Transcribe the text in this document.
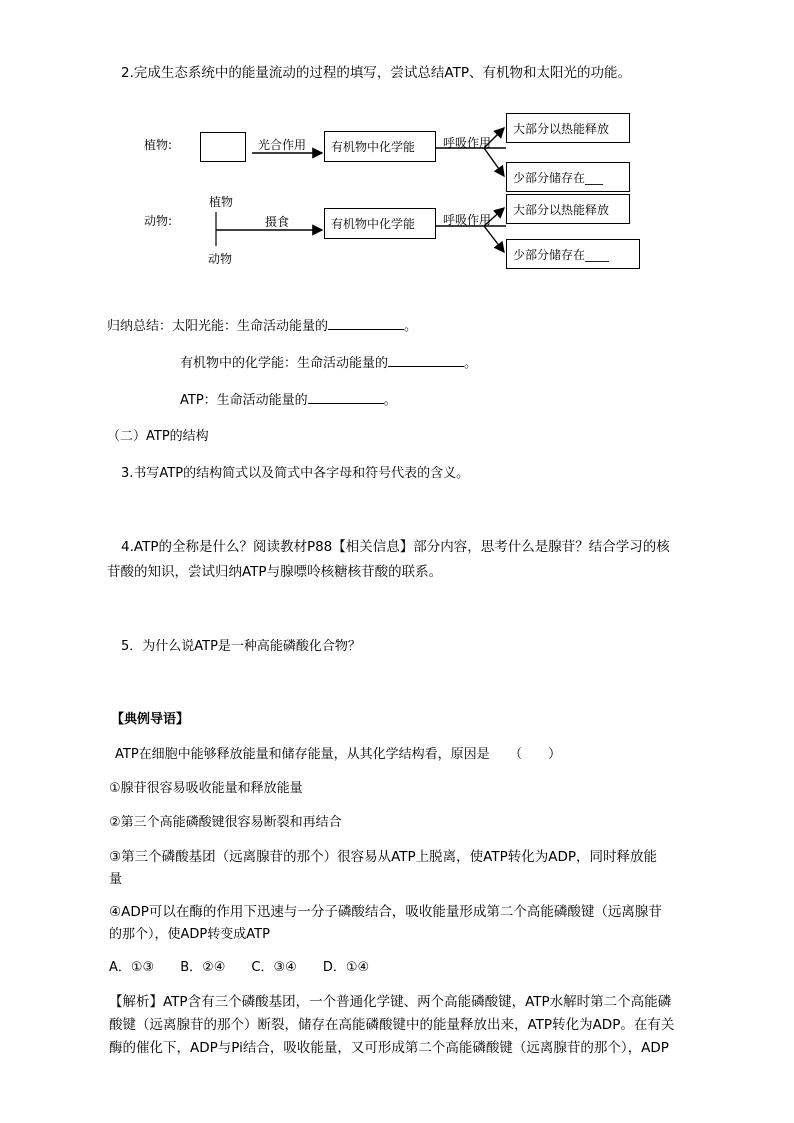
2.完成生态系统中的能量流动的过程的填写，尝试总结ATP、有机物和太阳光的功能。
植物:	光合作用	有机物中化学能	呼吸作用
大部分以热能释放
少部分储存在___
植物
动物:	摄食
动物
有机物中化学能	呼吸作用
大部分以热能释放
少部分储存在____
归纳总结：太阳光能：生命活动能量的	。
有机物中的化学能：生命活动能量的	。
ATP：生命活动能量的	。
（二）ATP的结构
3.书写ATP的结构简式以及简式中各字母和符号代表的含义。
4.ATP的全称是什么？阅读教材P88【相关信息】部分内容，思考什么是腺苷？结合学习的核
苷酸的知识，尝试归纳ATP与腺嘌呤核糖核苷酸的联系。
5．为什么说ATP是一种高能磷酸化合物？
【典例导语】
ATP在细胞中能够释放能量和储存能量，从其化学结构看，原因是　　（　　）
①腺苷很容易吸收能量和释放能量
②第三个高能磷酸键很容易断裂和再结合
③第三个磷酸基团（远离腺苷的那个）很容易从ATP上脱离，使ATP转化为ADP，同时释放能
量
④ADP可以在酶的作用下迅速与一分子磷酸结合，吸收能量形成第二个高能磷酸键（远离腺苷
的那个），使ADP转变成ATP
A．①③　　B．②④　　C．③④　　D．①④
【解析】ATP含有三个磷酸基团，一个普通化学键、两个高能磷酸键，ATP水解时第二个高能磷
酸键（远离腺苷的那个）断裂，储存在高能磷酸键中的能量释放出来，ATP转化为ADP。在有关
酶的催化下，ADP与Pi结合，吸收能量，又可形成第二个高能磷酸键（远离腺苷的那个），ADP
